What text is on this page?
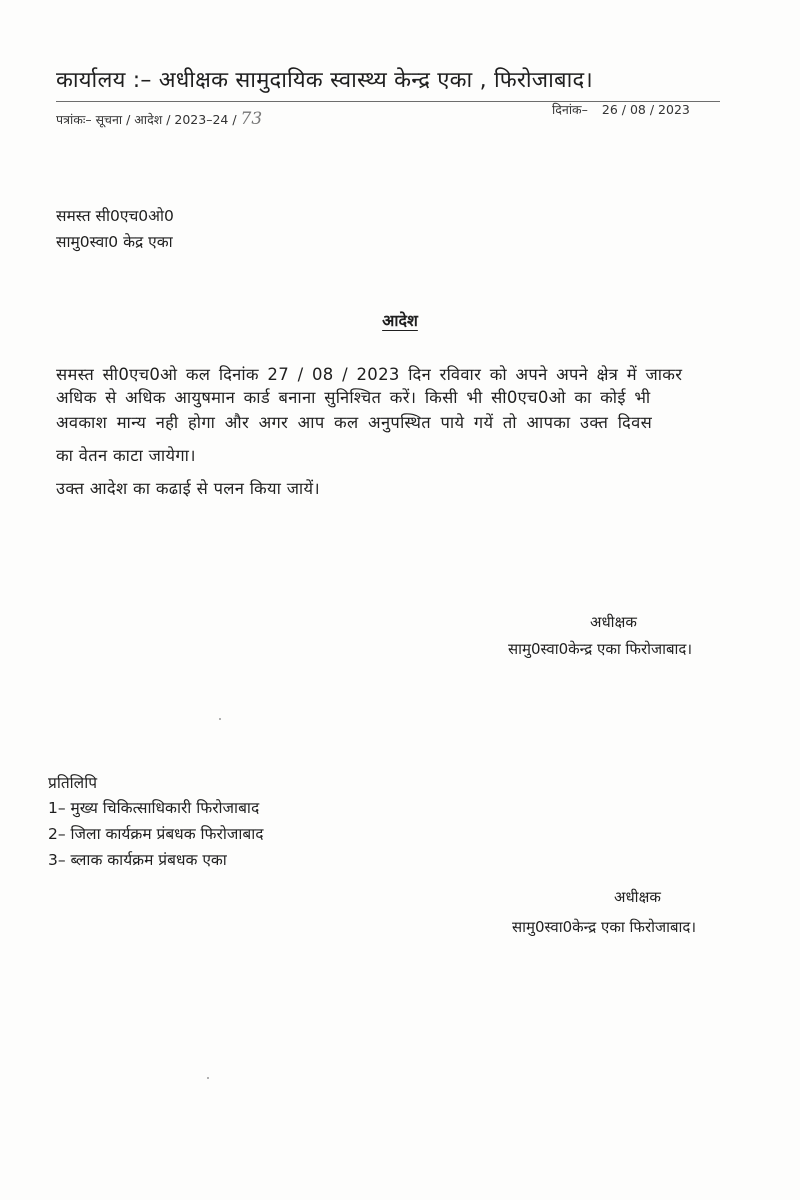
कार्यालय :– अधीक्षक सामुदायिक स्वास्थ्य केन्द्र एका , फिरोजाबाद।
पत्रांकः– सूचना / आदेश / 2023–24 / 73	दिनांक– 26 / 08 / 2023
समस्त सी0एच0ओ0
सामु0स्वा0 केद्र एका
आदेश
समस्त सी0एच0ओ कल दिनांक 27 / 08 / 2023 दिन रविवार को अपने अपने क्षेत्र में जाकर
अधिक से अधिक आयुषमान कार्ड बनाना सुनिश्चित करें। किसी भी सी0एच0ओ का कोई भी
अवकाश मान्य नही होगा और अगर आप कल अनुपस्थित पाये गयें तो आपका उक्त दिवस
का वेतन काटा जायेगा।
उक्त आदेश का कढाई से पलन किया जायें।
अधीक्षक
सामु0स्वा0केन्द्र एका फिरोजाबाद।
प्रतिलिपि
1– मुख्य चिकित्साधिकारी फिरोजाबाद
2– जिला कार्यक्रम प्रंबधक फिरोजाबाद
3– ब्लाक कार्यक्रम प्रंबधक एका
अधीक्षक
सामु0स्वा0केन्द्र एका फिरोजाबाद।
